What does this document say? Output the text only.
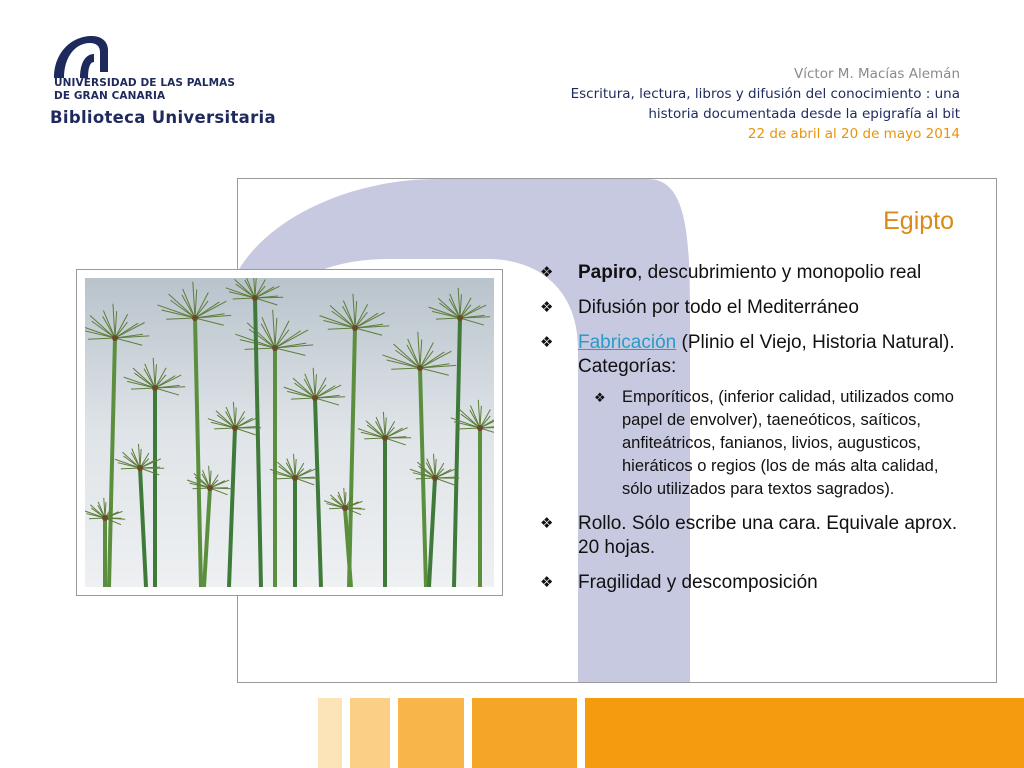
UNIVERSIDAD DE LAS PALMAS
DE GRAN CANARIA
Biblioteca Universitaria
Víctor M. Macías Alemán
Escritura, lectura, libros y difusión del conocimiento : una
historia documentada desde la epigrafía al bit
22 de abril al 20 de mayo 2014
Egipto
❖ Papiro, descubrimiento y monopolio real
❖ Difusión por todo el Mediterráneo
❖ Fabricación (Plinio el Viejo, Historia Natural). Categorías:
❖ Emporíticos, (inferior calidad, utilizados como papel de envolver), taeneóticos, saíticos, anfiteátricos, fanianos, livios, augusticos, hieráticos o regios (los de más alta calidad, sólo utilizados para textos sagrados).
❖ Rollo. Sólo escribe una cara. Equivale aprox. 20 hojas.
❖ Fragilidad y descomposición
